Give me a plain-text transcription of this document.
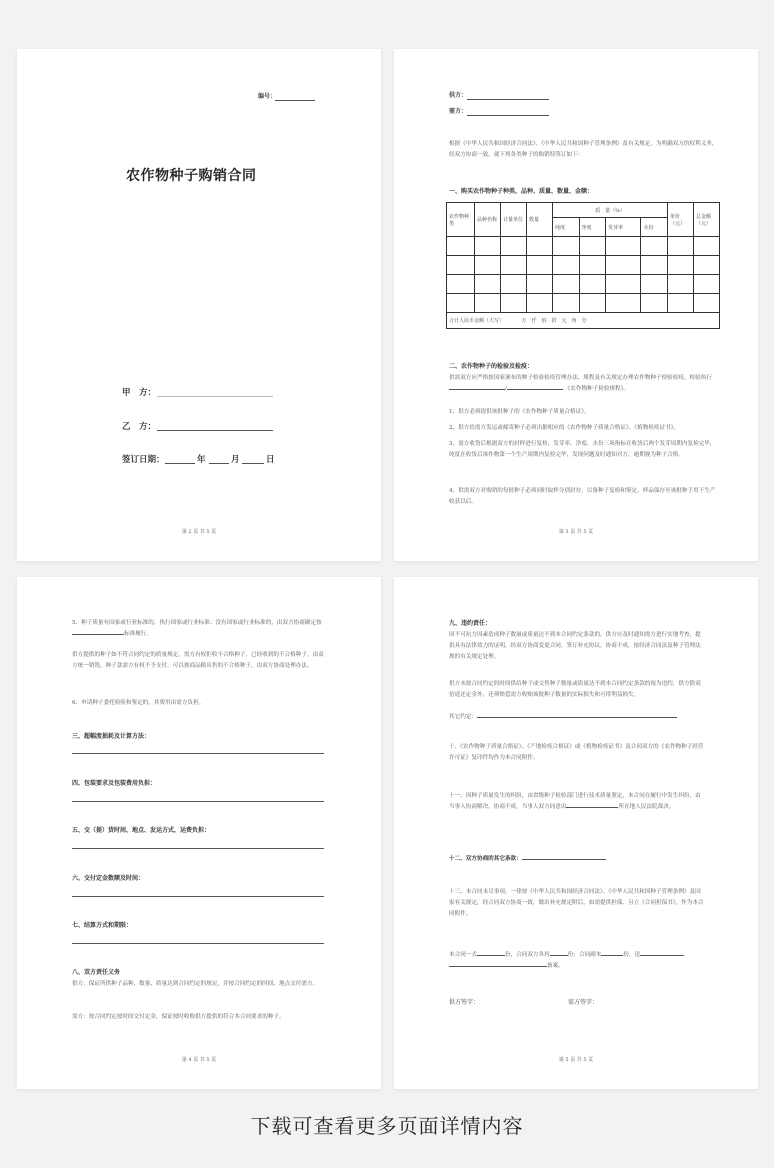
编号：
农作物种子购销合同
甲　方：
乙　方：
签订日期：	年	月	日
第 2 页 共 5 页
供方：
需方：
根据《中华人民共和国经济合同法》、《中华人民共和国种子管理条例》及有关规定，为明确双方的权利义务，经双方协商一致，就下列各类种子的购销特签订如下：
一、购买农作物种子种类、品种、质量、数量、金额：
农作物种 类	品种名称	计量单位	数量	质　量（%）				单价（元）	总金额（元）
				纯度	净度	发芽率	水份		

合计人民币金额（大写）　　　　万　仟　佰　拾　元　角　分									
二、农作物种子的检验及检疫：
供需双方应严格按国家颁布的种子检验检疫管理办法、规程及有关规定办理农作物种子检验检疫，检验执行 /	《农作物种子检验规程》。
1、供方必须提供该批种子的《农作物种子质量合格证》。
2、供方给需方发运或邮寄种子必须出据相应的《农作物种子质量合格证》、《植物检疫证书》。
3、需方收货后根据双方的封样进行复检，发芽率、净度、水份三项指标在收货后两个发芽周期内复检完毕，纯度在收货后该作物第一个生产周期内复检完毕，发现问题及时通知对方，逾期视为种子合格。
4、供需双方对购销的每批种子必须同时取样分别封存，以备种子复检和鉴定，样品保存至该批种子用于生产收获以后。
第 3 页 共 5 页
5、种子质量有国家或行业标准的，执行国家或行业标准；没有国家或行业标准的，由双方协商确定按标准履行。
供方提供的种子如不符合同约定的质量规定，需方有权拒收不合格种子，已经收到的不合格种子，由双方统一销毁，种子款需方有权不予支付。可以按商品粮出售的不合格种子，由双方协商处理办法。
6、申请种子委托检验和鉴定的，其费用由需方负担。
三、超幅度损耗及计算方法：
四、包装要求及包装费用负担：
五、交（提）货时间、地点、发运方式、运费负担：
六、交付定金数额及时间：
七、结算方式和期限：
八、双方责任义务
供方：保证所供种子品种、数量、质量达到合同约定的规定，并按合同约定的时间、地点交付需方。
需方：按合同约定按时间交付定金，保证按时收购供方提供的符合本合同要求的种子。
第 4 页 共 5 页
九、违约责任：
因不可抗力因素造成种子数量或质量达不到本合同约定条款的，供方应及时通知需方进行实地考查，提供具有法律效力的证明，经双方协商变更合同，签订补充协议，协商不成，按经济合同法及种子管理法规的有关规定处理。
供方未按合同约定的时间供给种子或交售种子数量或质量达不到本合同约定条款的视为违约，供方除双倍返还定金外，还须赔偿需方收购该批种子数量的实际损失和可得利益损失。
其它约定：
十、《农作物种子质量合格证》、《产地检疫合格证》或《植物检疫证书》及合同双方的《农作物种子经营许可证》复印件均作为本合同附件。
十一、因种子质量发生的纠纷，由省级种子检验部门进行技术质量鉴定，本合同在履行中发生纠纷，由当事人协商解决，协商不成，当事人双方同意由	所在地人民法院裁决。
十二、双方协商的其它条款：
十三、本合同未尽事项，一律按《中华人民共和国经济合同法》、《中华人民共和国种子管理条例》及国家有关规定，经合同双方协商一致，做出补充规定附后，如需提供担保，另立《合同担保书》，作为本合同附件。
本合同一式	份，合同双方各持	份；合同副本	份，送
备案。
供方签字：	需方签字：
第 5 页 共 5 页
下载可查看更多页面详情内容
